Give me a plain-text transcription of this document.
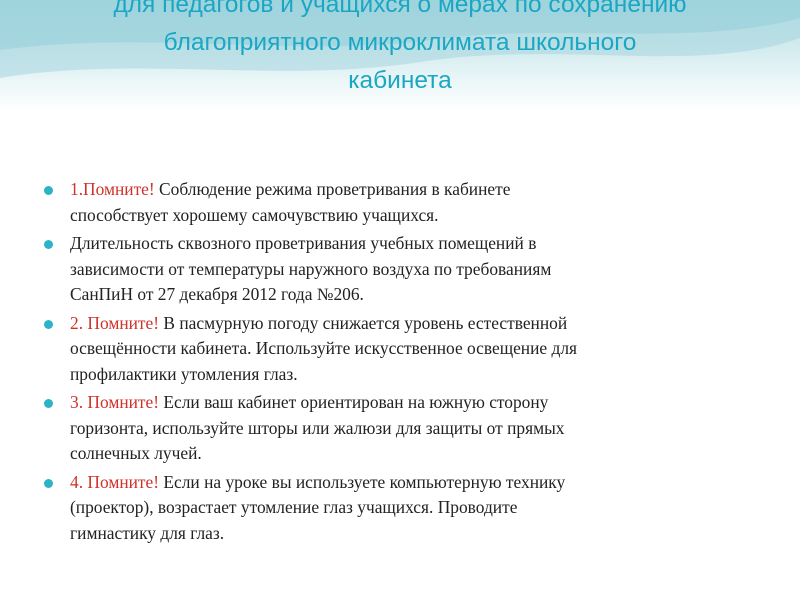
для педагогов и учащихся о мерах по сохранению
благоприятного микроклимата школьного
кабинета
1.Помните! Соблюдение режима проветривания в кабинете
способствует хорошему самочувствию учащихся.
Длительность сквозного проветривания учебных помещений в
зависимости от температуры наружного воздуха по требованиям
СанПиН от 27 декабря 2012 года №206.
2. Помните! В пасмурную погоду снижается уровень естественной
освещённости кабинета. Используйте искусственное освещение для
профилактики утомления глаз.
3. Помните! Если ваш кабинет ориентирован на южную сторону
горизонта, используйте шторы или жалюзи для защиты от прямых
солнечных лучей.
4. Помните! Если на уроке вы используете компьютерную технику
(проектор), возрастает утомление глаз учащихся. Проводите
гимнастику для глаз.
